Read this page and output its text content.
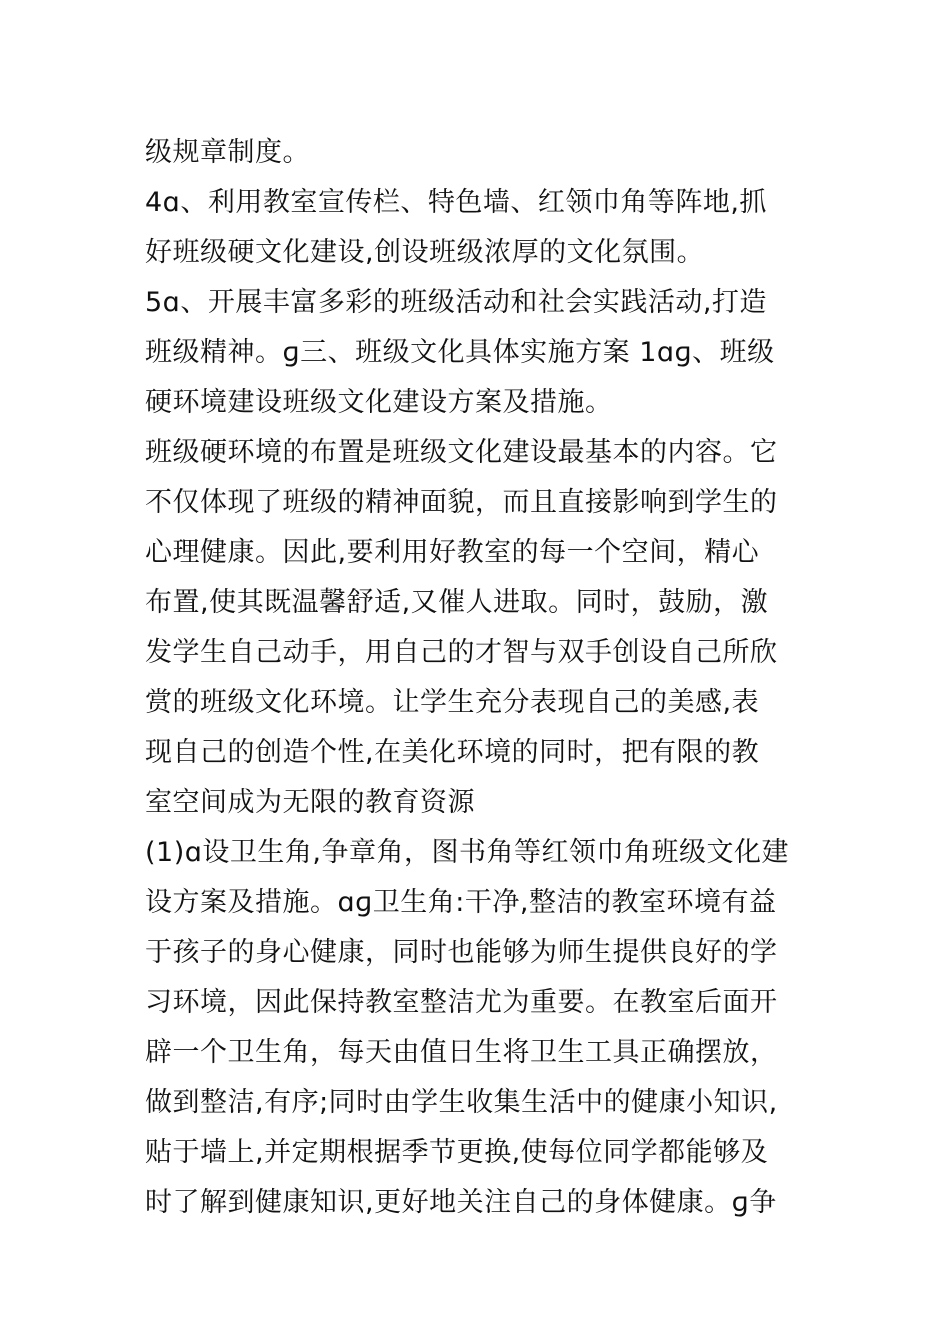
级规章制度。
4ɑ、利用教室宣传栏、特色墙、红领巾角等阵地,抓
好班级硬文化建设,创设班级浓厚的文化氛围。
5ɑ、开展丰富多彩的班级活动和社会实践活动,打造
班级精神。ɡ三、班级文化具体实施方案 1ɑɡ、班级
硬环境建设班级文化建设方案及措施。
班级硬环境的布置是班级文化建设最基本的内容。它
不仅体现了班级的精神面貌，而且直接影响到学生的
心理健康。因此,要利用好教室的每一个空间，精心
布置,使其既温馨舒适,又催人进取。同时，鼓励，激
发学生自己动手，用自己的才智与双手创设自己所欣
赏的班级文化环境。让学生充分表现自己的美感,表
现自己的创造个性,在美化环境的同时，把有限的教
室空间成为无限的教育资源
(1)ɑ设卫生角,争章角，图书角等红领巾角班级文化建
设方案及措施。ɑɡ卫生角:干净,整洁的教室环境有益
于孩子的身心健康，同时也能够为师生提供良好的学
习环境，因此保持教室整洁尤为重要。在教室后面开
辟一个卫生角，每天由值日生将卫生工具正确摆放，
做到整洁,有序;同时由学生收集生活中的健康小知识,
贴于墙上,并定期根据季节更换,使每位同学都能够及
时了解到健康知识,更好地关注自己的身体健康。ɡ争
